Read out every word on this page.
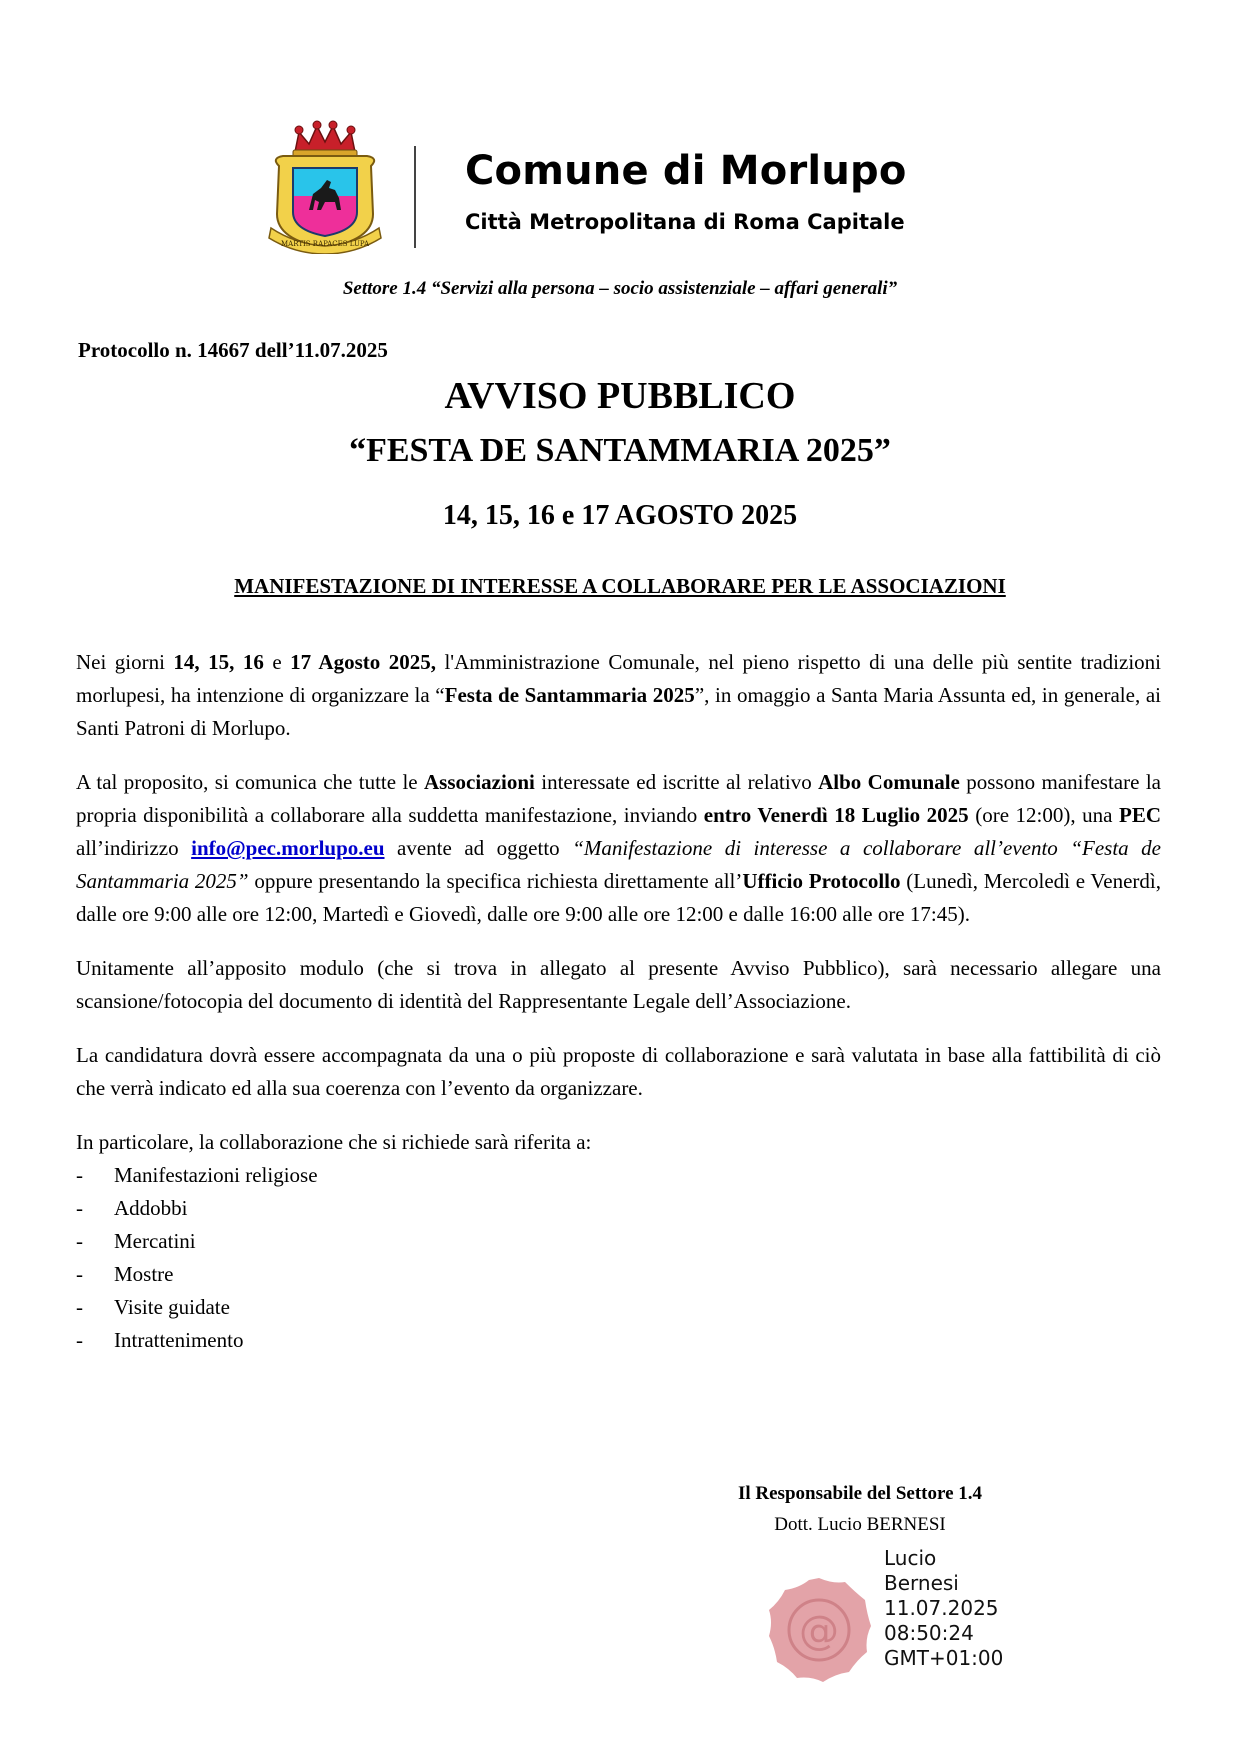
MARTIS RAPACES LUPA
Comune di Morlupo
Città Metropolitana di Roma Capitale
Settore 1.4 “Servizi alla persona – socio assistenziale – affari generali”
Protocollo n. 14667 dell’11.07.2025
AVVISO PUBBLICO
“FESTA DE SANTAMMARIA 2025”
14, 15, 16 e 17 AGOSTO 2025
MANIFESTAZIONE DI INTERESSE A COLLABORARE PER LE ASSOCIAZIONI

Nei giorni 14, 15, 16 e 17 Agosto 2025, l'Amministrazione Comunale, nel pieno rispetto di una delle più sentite tradizioni morlupesi, ha intenzione di organizzare la “Festa de Santammaria 2025”, in omaggio a Santa Maria Assunta ed, in generale, ai Santi Patroni di Morlupo.

A tal proposito, si comunica che tutte le Associazioni interessate ed iscritte al relativo Albo Comunale possono manifestare la propria disponibilità a collaborare alla suddetta manifestazione, inviando entro Venerdì 18 Luglio 2025 (ore 12:00), una PEC all’indirizzo info@pec.morlupo.eu avente ad oggetto “Manifestazione di interesse a collaborare all’evento “Festa de Santammaria 2025” oppure presentando la specifica richiesta direttamente all’Ufficio Protocollo (Lunedì, Mercoledì e Venerdì, dalle ore 9:00 alle ore 12:00, Martedì e Giovedì, dalle ore 9:00 alle ore 12:00 e dalle 16:00 alle ore 17:45).

Unitamente all’apposito modulo (che si trova in allegato al presente Avviso Pubblico), sarà necessario allegare una scansione/fotocopia del documento di identità del Rappresentante Legale dell’Associazione.

La candidatura dovrà essere accompagnata da una o più proposte di collaborazione e sarà valutata in base alla fattibilità di ciò che verrà indicato ed alla sua coerenza con l’evento da organizzare.

In particolare, la collaborazione che si richiede sarà riferita a:

- Manifestazioni religiose
- Addobbi
- Mercatini
- Mostre
- Visite guidate
- Intrattenimento
Il Responsabile del Settore 1.4
Dott. Lucio BERNESI
@
Lucio
Bernesi
11.07.2025
08:50:24
GMT+01:00
